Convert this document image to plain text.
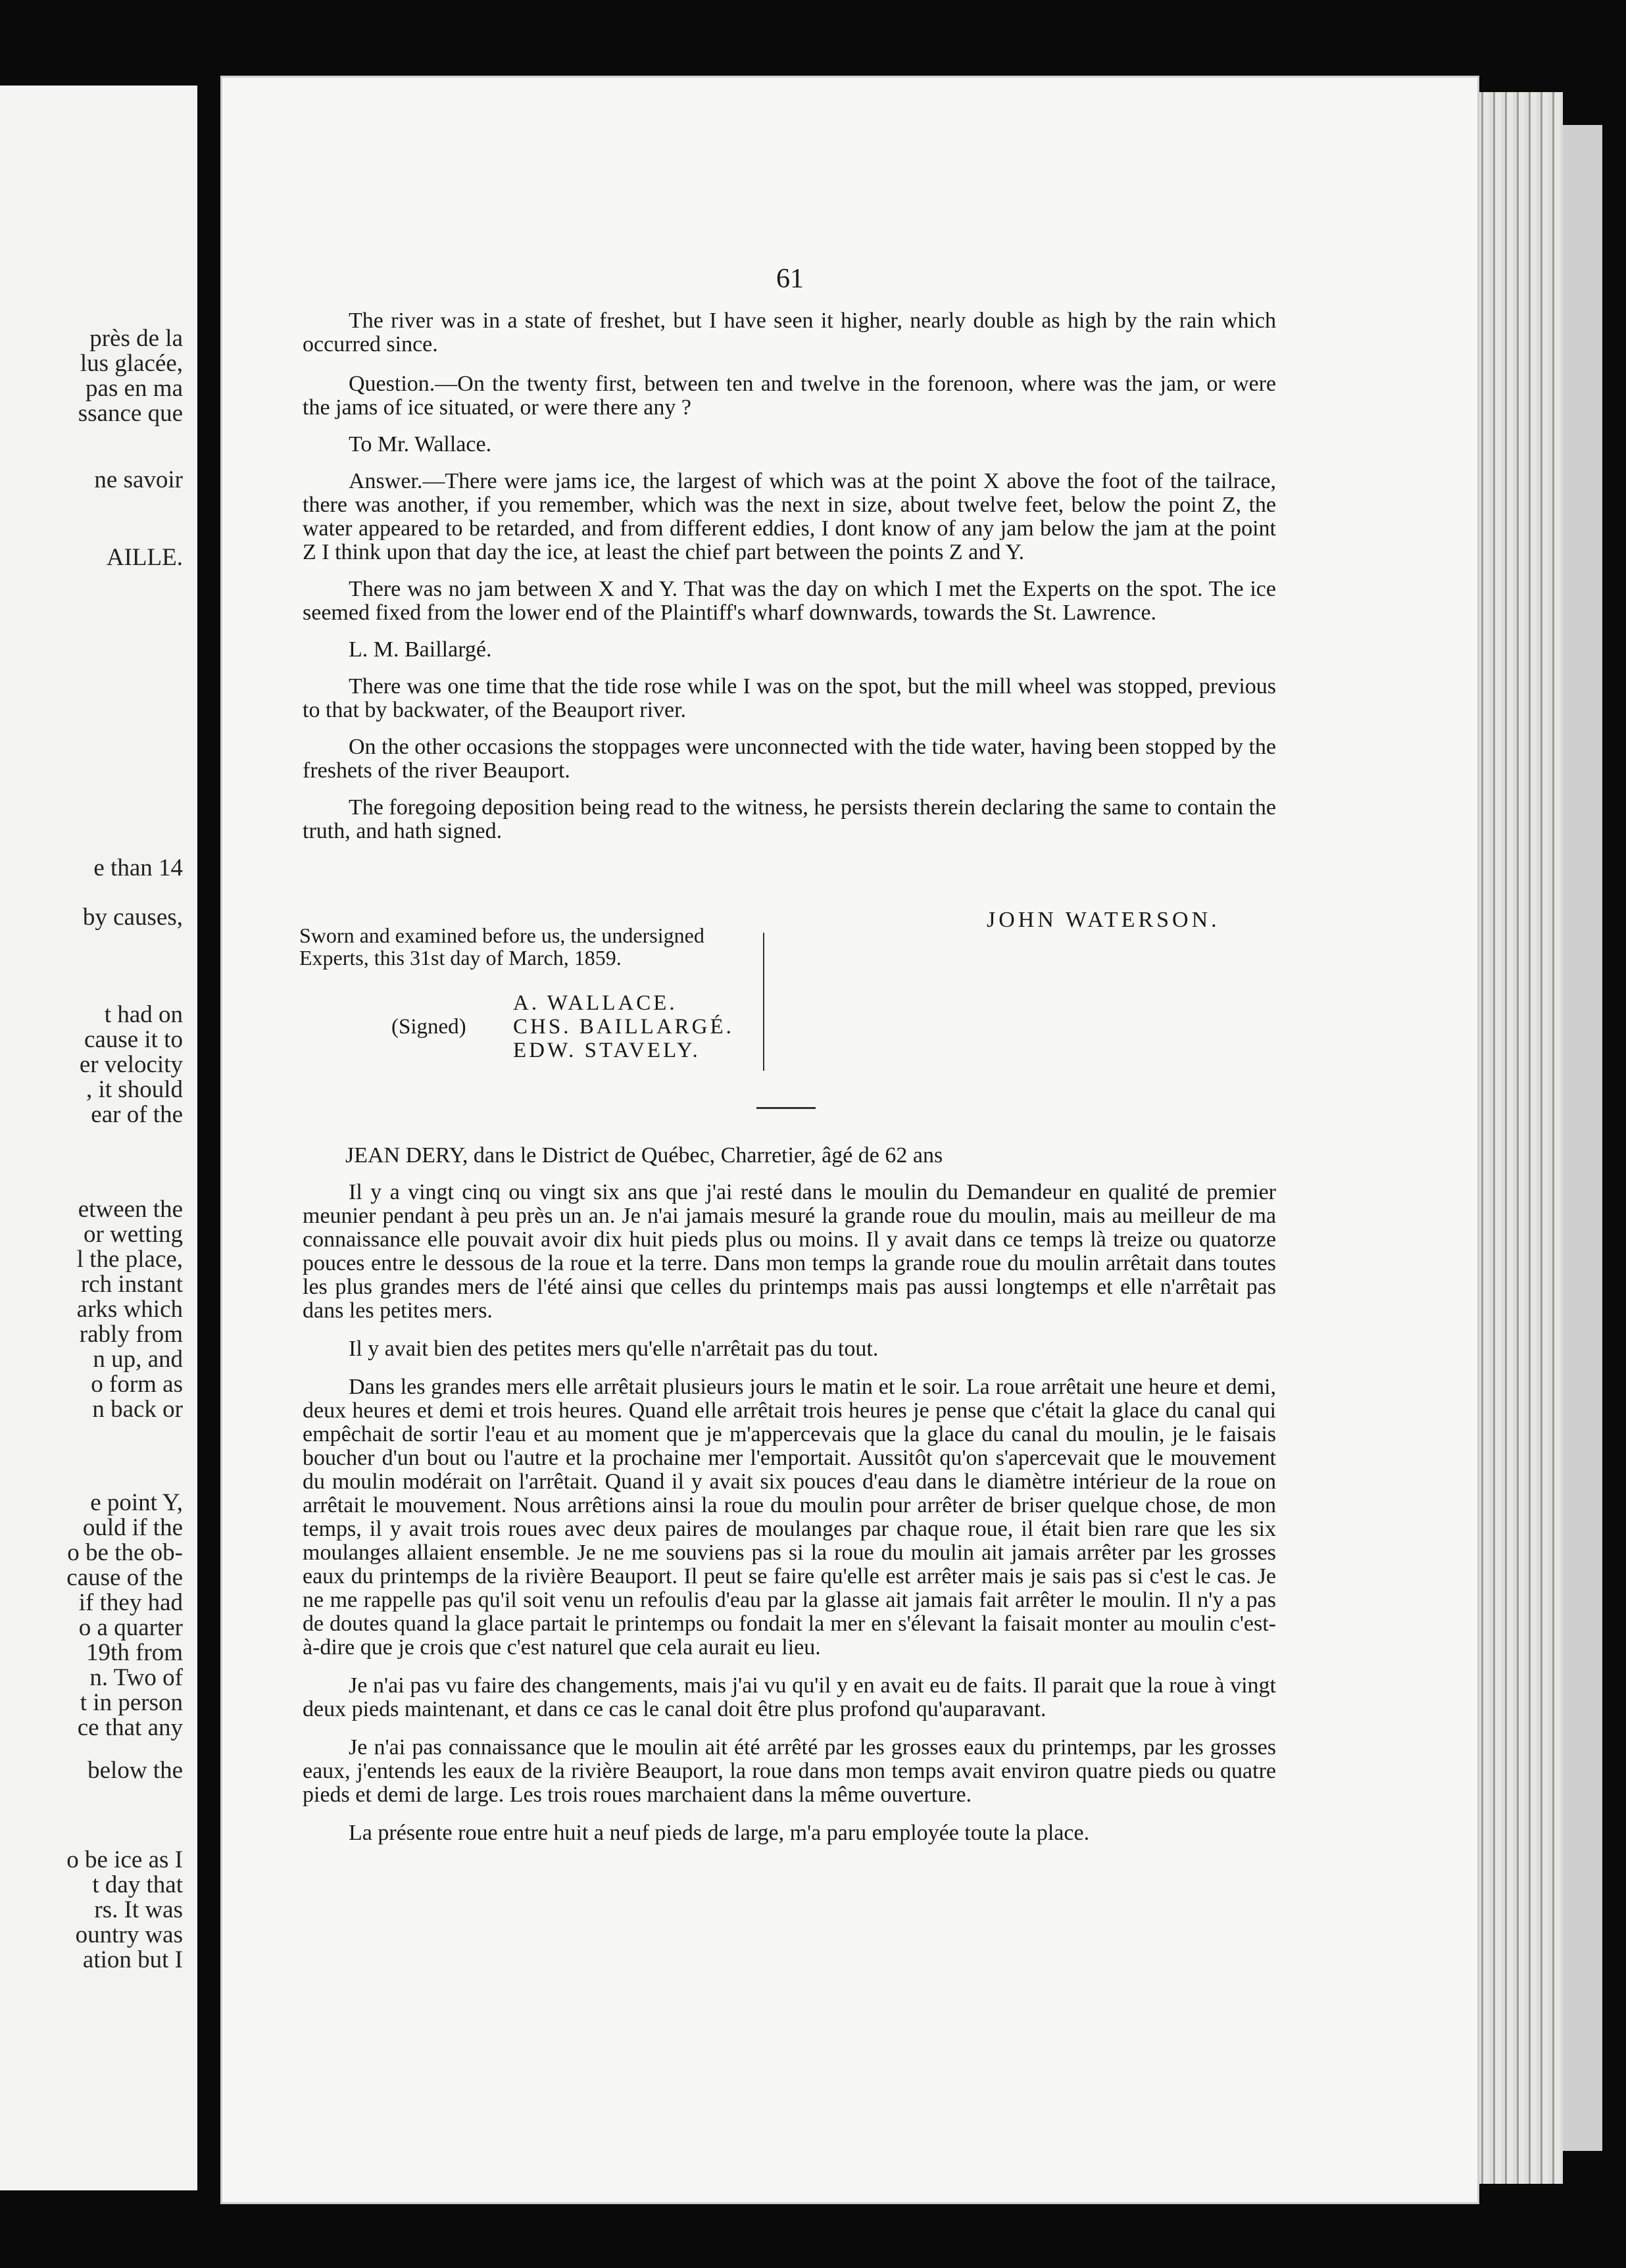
près de la
lus glacée,
pas en ma
ssance que
ne savoir
AILLE.
e than 14
by causes,
t had on
cause it to
er velocity
, it should
ear of the
etween the
or wetting
l the place,
rch instant
arks which
rably from
n up, and
o form as
n back or
e point Y,
ould if the
o be the ob-
cause of the
if they had
o a quarter
19th from
n. Two of
t in person
ce that any
below the
o be ice as I
t day that
rs. It was
ountry was
ation but I
61

The river was in a state of freshet, but I have seen it higher, nearly double as high by the rain which occurred since.

Question.—On the twenty first, between ten and twelve in the forenoon, where was the jam, or were the jams of ice situated, or were there any ?

To Mr. Wallace.

Answer.—There were jams ice, the largest of which was at the point X above the foot of the tailrace, there was another, if you remember, which was the next in size, about twelve feet, below the point Z, the water appeared to be retarded, and from different eddies, I dont know of any jam below the jam at the point Z I think upon that day the ice, at least the chief part between the points Z and Y.

There was no jam between X and Y. That was the day on which I met the Experts on the spot. The ice seemed fixed from the lower end of the Plaintiff's wharf downwards, towards the St. Lawrence.

L. M. Baillargé.

There was one time that the tide rose while I was on the spot, but the mill wheel was stopped, previous to that by backwater, of the Beauport river.

On the other occasions the stoppages were unconnected with the tide water, having been stopped by the freshets of the river Beauport.

The foregoing deposition being read to the witness, he persists therein declaring the same to contain the truth, and hath signed.

JOHN WATERSON.
Sworn and examined before us, the undersigned Experts, this 31st day of March, 1859.
(Signed)
A. WALLACE.
CHS. BAILLARGÉ.
EDW. STAVELY.
JEAN DERY, dans le District de Québec, Charretier, âgé de 62 ans

Il y a vingt cinq ou vingt six ans que j'ai resté dans le moulin du Demandeur en qualité de premier meunier pendant à peu près un an. Je n'ai jamais mesuré la grande roue du moulin, mais au meilleur de ma connaissance elle pouvait avoir dix huit pieds plus ou moins. Il y avait dans ce temps là treize ou quatorze pouces entre le dessous de la roue et la terre. Dans mon temps la grande roue du moulin arrêtait dans toutes les plus grandes mers de l'été ainsi que celles du printemps mais pas aussi longtemps et elle n'arrêtait pas dans les petites mers.

Il y avait bien des petites mers qu'elle n'arrêtait pas du tout.

Dans les grandes mers elle arrêtait plusieurs jours le matin et le soir. La roue arrêtait une heure et demi, deux heures et demi et trois heures. Quand elle arrêtait trois heures je pense que c'était la glace du canal qui empêchait de sortir l'eau et au moment que je m'appercevais que la glace du canal du moulin, je le faisais boucher d'un bout ou l'autre et la prochaine mer l'emportait. Aussitôt qu'on s'apercevait que le mouvement du moulin modérait on l'arrêtait. Quand il y avait six pouces d'eau dans le diamètre intérieur de la roue on arrêtait le mouvement. Nous arrêtions ainsi la roue du moulin pour arrêter de briser quelque chose, de mon temps, il y avait trois roues avec deux paires de moulanges par chaque roue, il était bien rare que les six moulanges allaient ensemble. Je ne me souviens pas si la roue du moulin ait jamais arrêter par les grosses eaux du printemps de la rivière Beauport. Il peut se faire qu'elle est arrêter mais je sais pas si c'est le cas. Je ne me rappelle pas qu'il soit venu un refoulis d'eau par la glasse ait jamais fait arrêter le moulin. Il n'y a pas de doutes quand la glace partait le printemps ou fondait la mer en s'élevant la faisait monter au moulin c'est-à-dire que je crois que c'est naturel que cela aurait eu lieu.

Je n'ai pas vu faire des changements, mais j'ai vu qu'il y en avait eu de faits. Il parait que la roue à vingt deux pieds maintenant, et dans ce cas le canal doit être plus profond qu'auparavant.

Je n'ai pas connaissance que le moulin ait été arrêté par les grosses eaux du printemps, par les grosses eaux, j'entends les eaux de la rivière Beauport, la roue dans mon temps avait environ quatre pieds ou quatre pieds et demi de large. Les trois roues marchaient dans la même ouverture.

La présente roue entre huit a neuf pieds de large, m'a paru employée toute la place.
